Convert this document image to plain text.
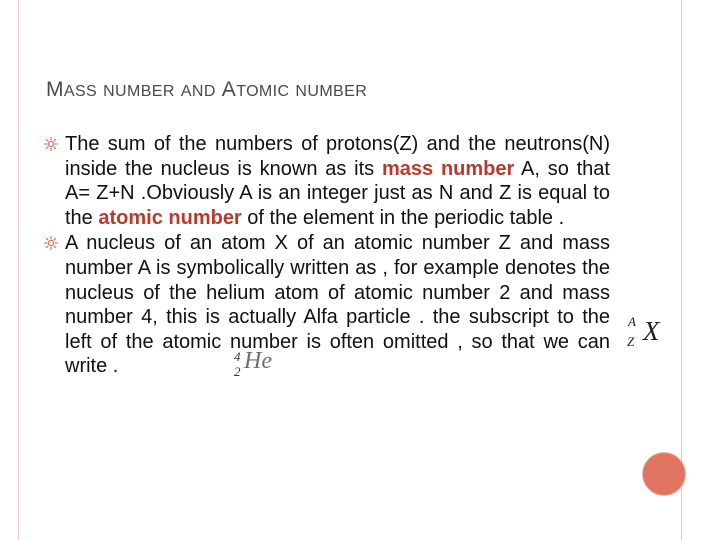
MASS NUMBER AND ATOMIC NUMBER

The sum of the numbers of protons(Z) and the neutrons(N) inside the nucleus is known as its mass number A, so that A= Z+N .Obviously A is an integer just as N and Z is equal to the atomic number of the element in the periodic table .

A nucleus of an atom X of an atomic number Z and mass number A is symbolically written as , for example denotes the nucleus of the helium atom of atomic number 2 and mass number 4, this is actually Alfa particle . the subscript to the left of the atomic number is often omitted , so that we can write .	4
2 He
A
Z X
